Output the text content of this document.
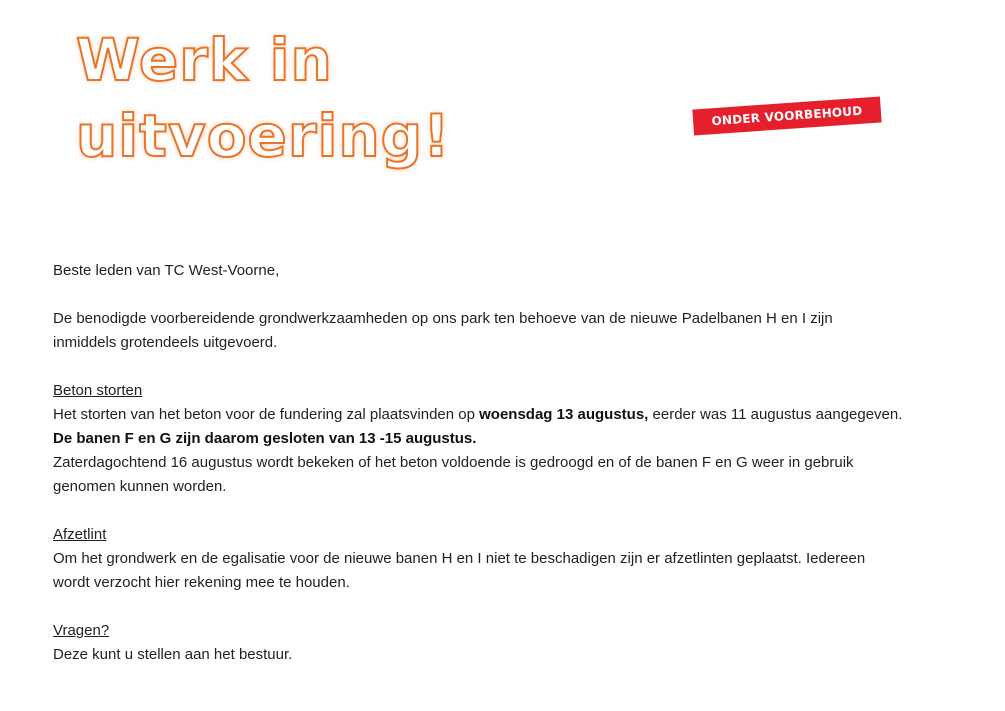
Werk in
uitvoering!	ONDER VOORBEHOUD

Beste leden van TC West-Voorne,

De benodigde voorbereidende grondwerkzaamheden op ons park ten behoeve van de nieuwe Padelbanen H en I zijn
inmiddels grotendeels uitgevoerd.

Beton storten
Het storten van het beton voor de fundering zal plaatsvinden op woensdag 13 augustus, eerder was 11 augustus aangegeven.
De banen F en G zijn daarom gesloten van 13 -15 augustus.
Zaterdagochtend 16 augustus wordt bekeken of het beton voldoende is gedroogd en of de banen F en G weer in gebruik
genomen kunnen worden.

Afzetlint
Om het grondwerk en de egalisatie voor de nieuwe banen H en I niet te beschadigen zijn er afzetlinten geplaatst. Iedereen
wordt verzocht hier rekening mee te houden.

Vragen?
Deze kunt u stellen aan het bestuur.
